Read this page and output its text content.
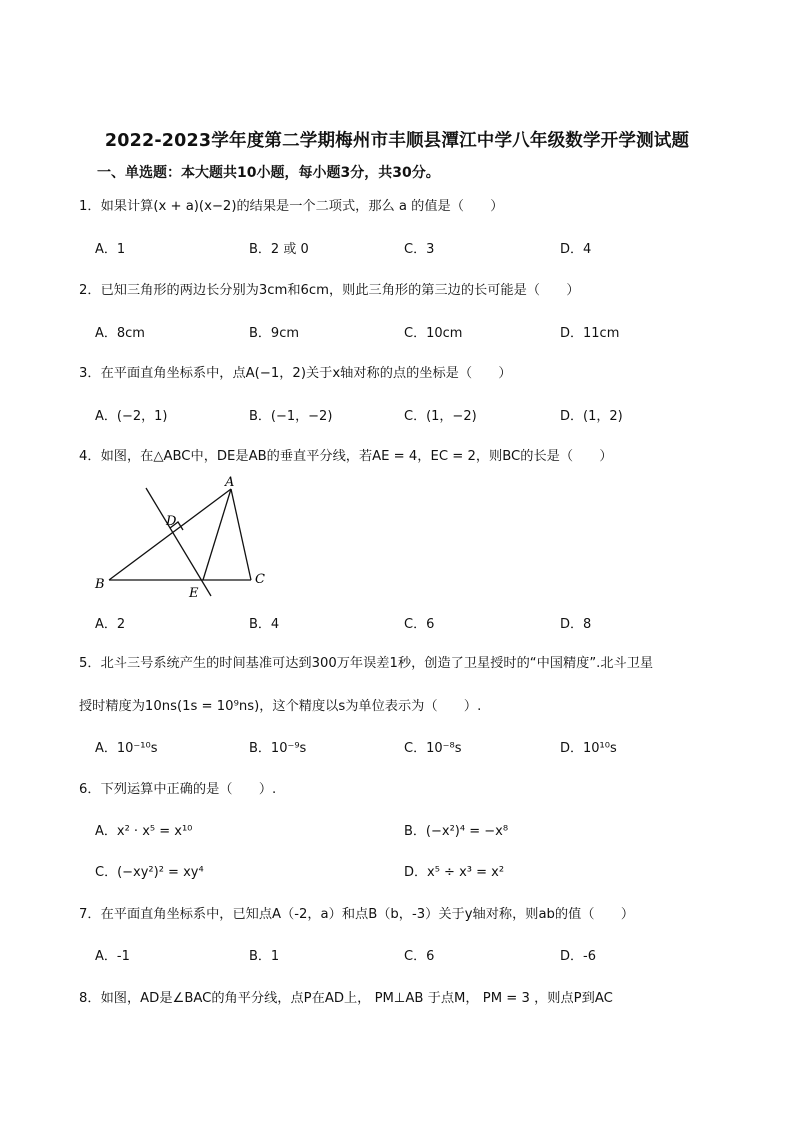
2022-2023学年度第二学期梅州市丰顺县潭江中学八年级数学开学测试题
一、单选题：本大题共10小题，每小题3分，共30分。
1．如果计算(x + a)(x−2)的结果是一个二项式，那么 a 的值是（　　）
A．1	B．2 或 0	C．3	D．4
2．已知三角形的两边长分别为3cm和6cm，则此三角形的第三边的长可能是（　　）
A．8cm	B．9cm	C．10cm	D．11cm
3．在平面直角坐标系中，点A(−1，2)关于x轴对称的点的坐标是（　　）
A．(−2，1)	B．(−1，−2)	C．(1，−2)	D．(1，2)
4．如图，在△ABC中，DE是AB的垂直平分线，若AE = 4，EC = 2，则BC的长是（　　）
A
D
B
E
C
A．2	B．4	C．6	D．8
5．北斗三号系统产生的时间基准可达到300万年误差1秒，创造了卫星授时的“中国精度”.北斗卫星
授时精度为10ns(1s = 10⁹ns)，这个精度以s为单位表示为（　　）.
A．10⁻¹⁰s	B．10⁻⁹s	C．10⁻⁸s	D．10¹⁰s
6．下列运算中正确的是（　　）.
A．x² · x⁵ = x¹⁰	B．(−x²)⁴ = −x⁸
C．(−xy²)² = xy⁴	D．x⁵ ÷ x³ = x²
7．在平面直角坐标系中，已知点A（-2，a）和点B（b，-3）关于y轴对称，则ab的值（　　）
A．-1	B．1	C．6	D．-6
8．如图，AD是∠BAC的角平分线，点P在AD上， PM⊥AB 于点M， PM = 3 ，则点P到AC
